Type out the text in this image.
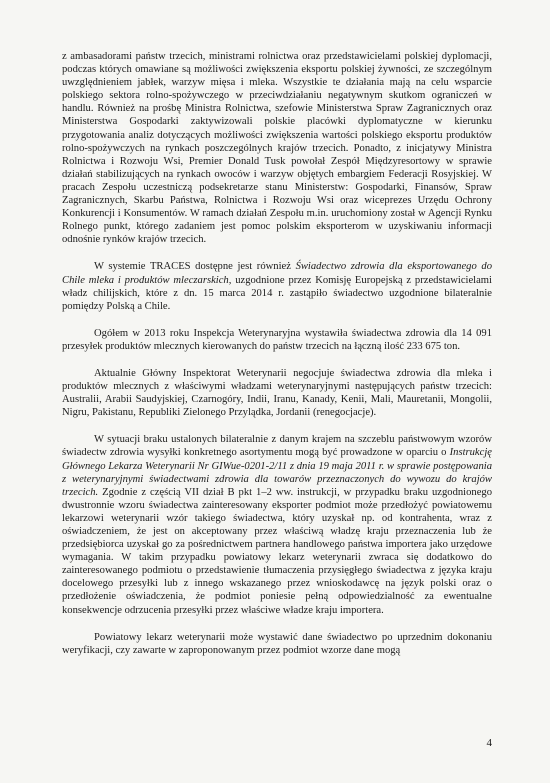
z ambasadorami państw trzecich, ministrami rolnictwa oraz przedstawicielami polskiej dyplomacji, podczas których omawiane są możliwości zwiększenia eksportu polskiej żywności, ze szczególnym uwzględnieniem jabłek, warzyw mięsa i mleka. Wszystkie te działania mają na celu wsparcie polskiego sektora rolno-spożywczego w przeciwdziałaniu negatywnym skutkom ograniczeń w handlu. Również na prośbę Ministra Rolnictwa, szefowie Ministerstwa Spraw Zagranicznych oraz Ministerstwa Gospodarki zaktywizowali polskie placówki dyplomatyczne w kierunku przygotowania analiz dotyczących możliwości zwiększenia wartości polskiego eksportu produktów rolno-spożywczych na rynkach poszczególnych krajów trzecich. Ponadto, z inicjatywy Ministra Rolnictwa i Rozwoju Wsi, Premier Donald Tusk powołał Zespół Międzyresortowy w sprawie działań stabilizujących na rynkach owoców i warzyw objętych embargiem Federacji Rosyjskiej. W pracach Zespołu uczestniczą podsekretarze stanu Ministerstw: Gospodarki, Finansów, Spraw Zagranicznych, Skarbu Państwa, Rolnictwa i Rozwoju Wsi oraz wiceprezes Urzędu Ochrony Konkurencji i Konsumentów. W ramach działań Zespołu m.in. uruchomiony został w Agencji Rynku Rolnego punkt, którego zadaniem jest pomoc polskim eksporterom w uzyskiwaniu informacji odnośnie rynków krajów trzecich.

W systemie TRACES dostępne jest również Świadectwo zdrowia dla eksportowanego do Chile mleka i produktów mleczarskich, uzgodnione przez Komisję Europejską z przedstawicielami władz chilijskich, które z dn. 15 marca 2014 r. zastąpiło świadectwo uzgodnione bilateralnie pomiędzy Polską a Chile.

Ogółem w 2013 roku Inspekcja Weterynaryjna wystawiła świadectwa zdrowia dla 14 091 przesyłek produktów mlecznych kierowanych do państw trzecich na łączną ilość 233 675 ton.

Aktualnie Główny Inspektorat Weterynarii negocjuje świadectwa zdrowia dla mleka i produktów mlecznych z właściwymi władzami weterynaryjnymi następujących państw trzecich: Australii, Arabii Saudyjskiej, Czarnogóry, Indii, Iranu, Kanady, Kenii, Mali, Mauretanii, Mongolii, Nigru, Pakistanu, Republiki Zielonego Przylądka, Jordanii (renegocjacje).

W sytuacji braku ustalonych bilateralnie z danym krajem na szczeblu państwowym wzorów świadectw zdrowia wysyłki konkretnego asortymentu mogą być prowadzone w oparciu o Instrukcję Głównego Lekarza Weterynarii Nr GIWue-0201-2/11 z dnia 19 maja 2011 r. w sprawie postępowania z weterynaryjnymi świadectwami zdrowia dla towarów przeznaczonych do wywozu do krajów trzecich. Zgodnie z częścią VII dział B pkt 1–2 ww. instrukcji, w przypadku braku uzgodnionego dwustronnie wzoru świadectwa zainteresowany eksporter podmiot może przedłożyć powiatowemu lekarzowi weterynarii wzór takiego świadectwa, który uzyskał np. od kontrahenta, wraz z oświadczeniem, że jest on akceptowany przez właściwą władzę kraju przeznaczenia lub że przedsiębiorca uzyskał go za pośrednictwem partnera handlowego państwa importera jako urzędowe wymagania. W takim przypadku powiatowy lekarz weterynarii zwraca się dodatkowo do zainteresowanego podmiotu o przedstawienie tłumaczenia przysięgłego świadectwa z języka kraju docelowego przesyłki lub z innego wskazanego przez wnioskodawcę na język polski oraz o przedłożenie oświadczenia, że podmiot poniesie pełną odpowiedzialność za ewentualne konsekwencje odrzucenia przesyłki przez właściwe władze kraju importera.

Powiatowy lekarz weterynarii może wystawić dane świadectwo po uprzednim dokonaniu weryfikacji, czy zawarte w zaproponowanym przez podmiot wzorze dane mogą

4
